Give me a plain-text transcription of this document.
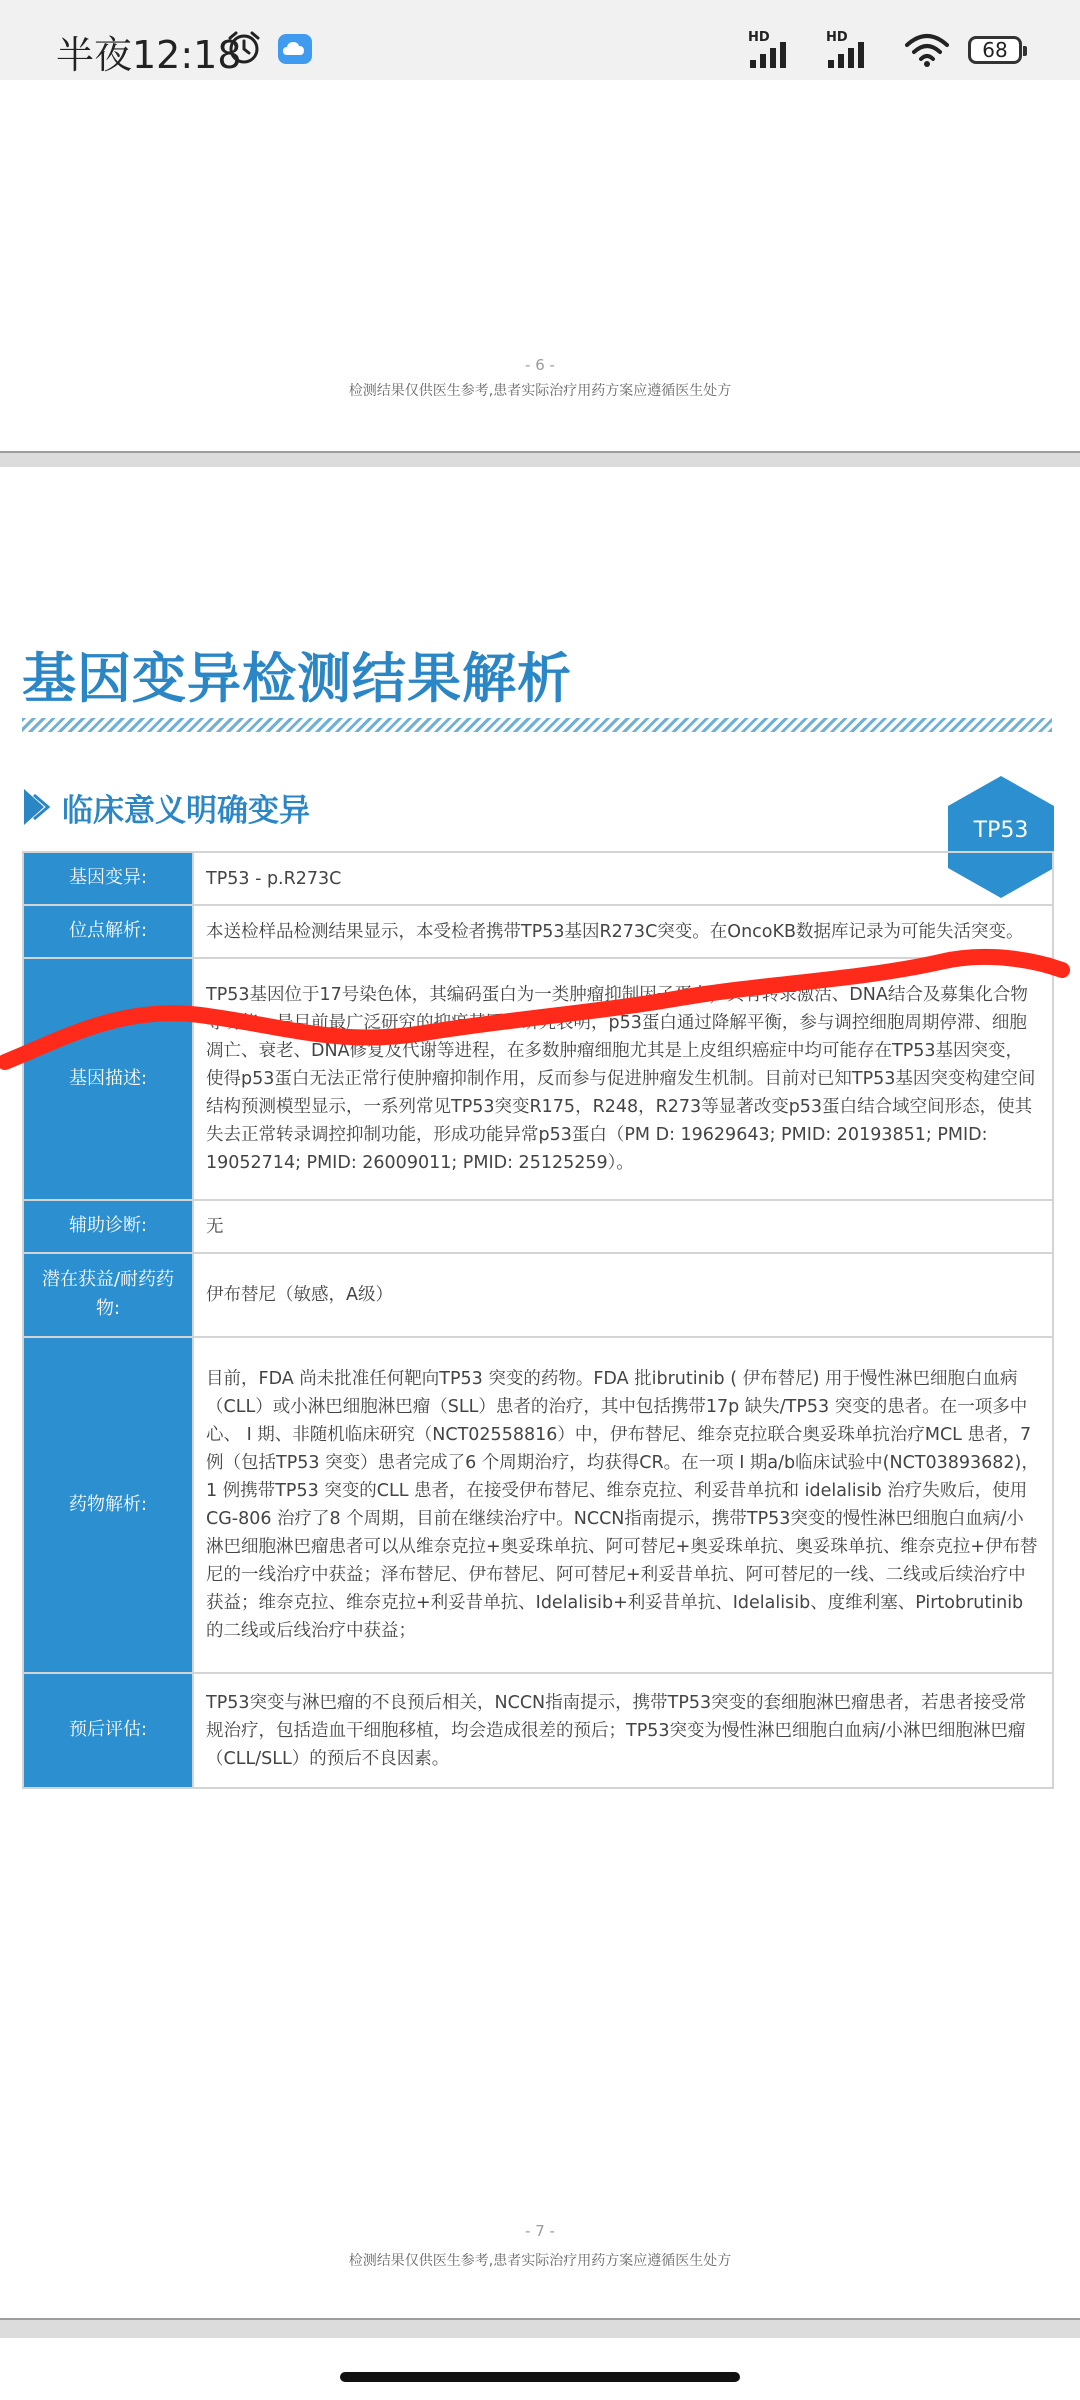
半夜12:18	HD	HD
68
- 6 -
检测结果仅供医生参考,患者实际治疗用药方案应遵循医生处方
基因变异检测结果解析
临床意义明确变异
TP53
基因变异:	TP53 - p.R273C
位点解析:	本送检样品检测结果显示，本受检者携带TP53基因R273C突变。在OncoKB数据库记录为可能失活突变。
基因描述:	TP53基因位于17号染色体，其编码蛋白为一类肿瘤抑制因子蛋白，具有转录激活、DNA结合及募集化合物等功能，是目前最广泛研究的抑癌基因。研究表明，p53蛋白通过降解平衡，参与调控细胞周期停滞、细胞凋亡、衰老、DNA修复及代谢等进程，在多数肿瘤细胞尤其是上皮组织癌症中均可能存在TP53基因突变，使得p53蛋白无法正常行使肿瘤抑制作用，反而参与促进肿瘤发生机制。目前对已知TP53基因突变构建空间结构预测模型显示，一系列常见TP53突变R175，R248，R273等显著改变p53蛋白结合域空间形态，使其失去正常转录调控抑制功能，形成功能异常p53蛋白（PM D: 19629643; PMID: 20193851; PMID: 19052714; PMID: 26009011; PMID: 25125259）。
辅助诊断:	无
潜在获益/耐药药物:	伊布替尼（敏感，A级）
药物解析:	目前，FDA 尚未批准任何靶向TP53 突变的药物。FDA 批ibrutinib ( 伊布替尼) 用于慢性淋巴细胞白血病（CLL）或小淋巴细胞淋巴瘤（SLL）患者的治疗，其中包括携带17p 缺失/TP53 突变的患者。在一项多中心、 I 期、非随机临床研究（NCT02558816）中，伊布替尼、维奈克拉联合奥妥珠单抗治疗MCL 患者，7 例（包括TP53 突变）患者完成了6 个周期治疗，均获得CR。在一项 I 期a/b临床试验中(NCT03893682)，1 例携带TP53 突变的CLL 患者，在接受伊布替尼、维奈克拉、利妥昔单抗和 idelalisib 治疗失败后，使用CG-806 治疗了8 个周期，目前在继续治疗中。NCCN指南提示，携带TP53突变的慢性淋巴细胞白血病/小淋巴细胞淋巴瘤患者可以从维奈克拉+奥妥珠单抗、阿可替尼+奥妥珠单抗、奥妥珠单抗、维奈克拉+伊布替尼的一线治疗中获益；泽布替尼、伊布替尼、阿可替尼+利妥昔单抗、阿可替尼的一线、二线或后续治疗中获益；维奈克拉、维奈克拉+利妥昔单抗、Idelalisib+利妥昔单抗、Idelalisib、度维利塞、Pirtobrutinib 的二线或后线治疗中获益；
预后评估:	TP53突变与淋巴瘤的不良预后相关，NCCN指南提示，携带TP53突变的套细胞淋巴瘤患者，若患者接受常规治疗，包括造血干细胞移植，均会造成很差的预后；TP53突变为慢性淋巴细胞白血病/小淋巴细胞淋巴瘤（CLL/SLL）的预后不良因素。
- 7 -
检测结果仅供医生参考,患者实际治疗用药方案应遵循医生处方
